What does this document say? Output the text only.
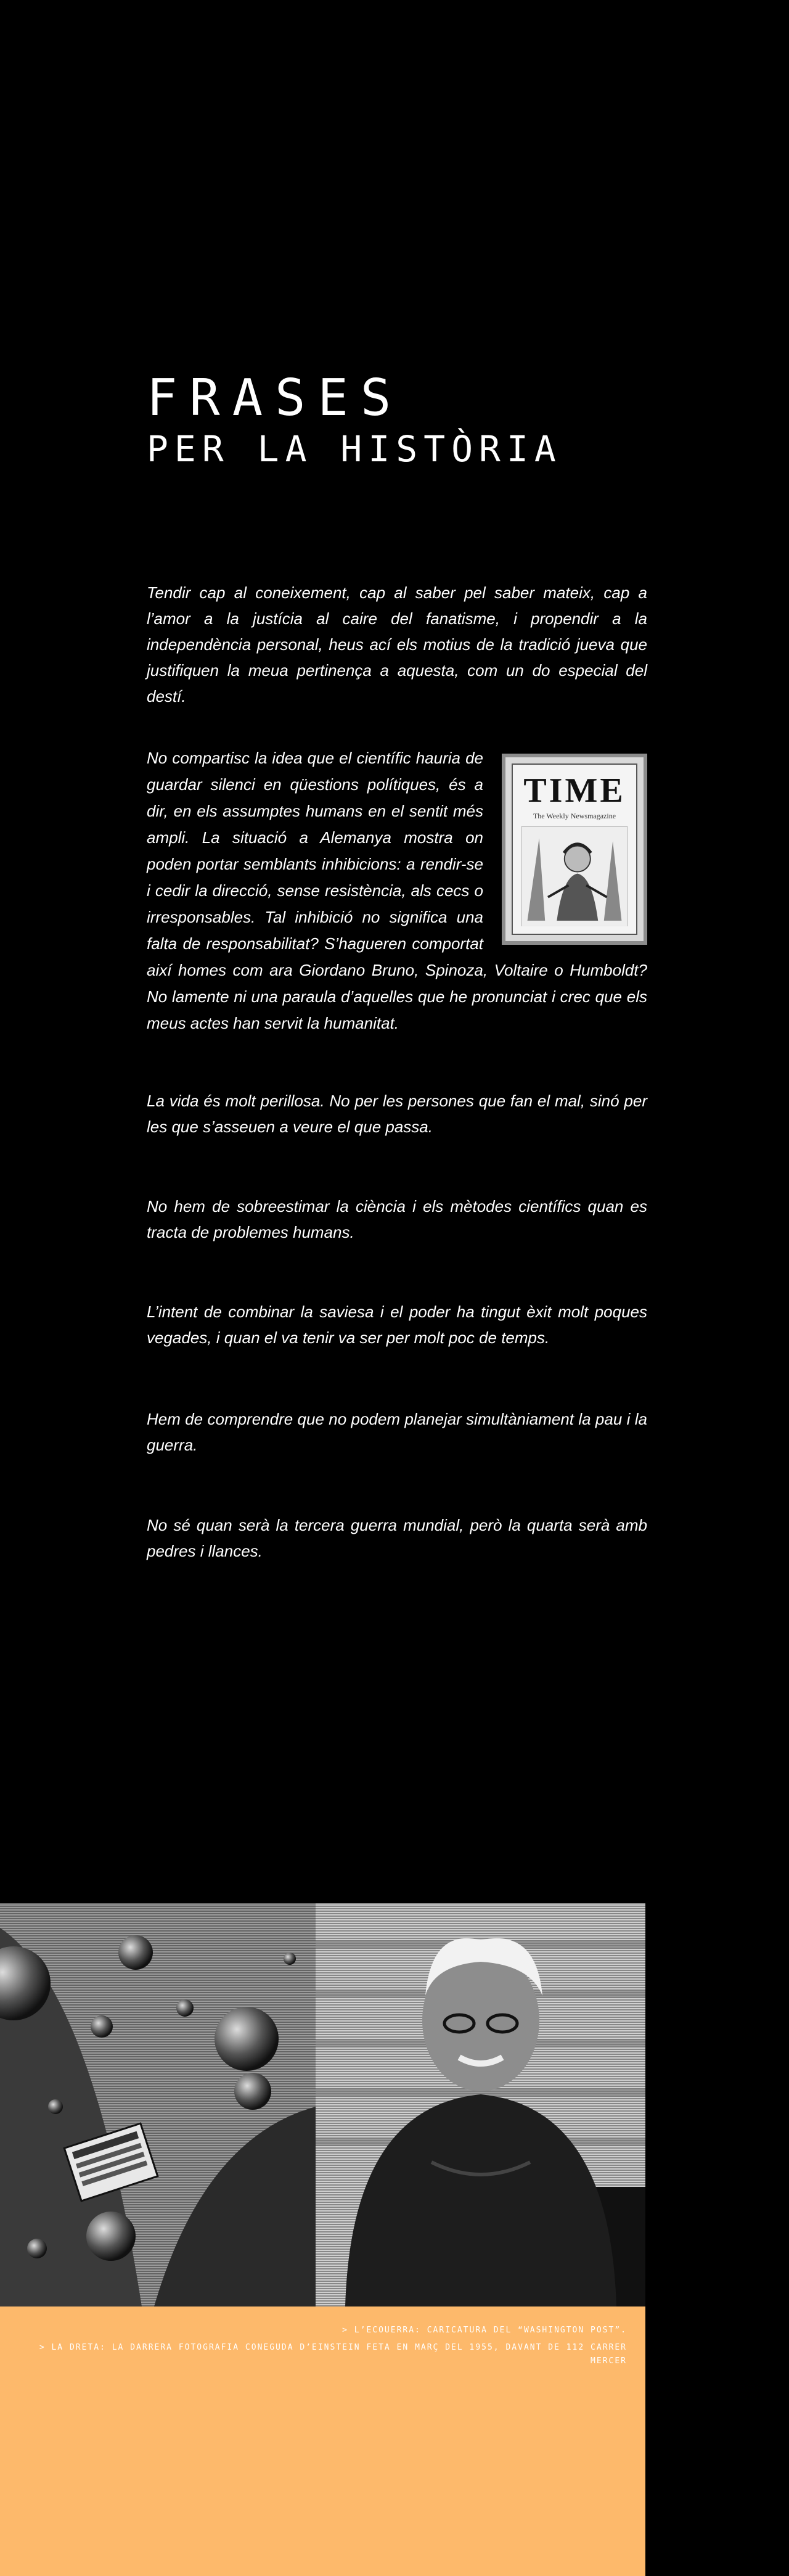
FRASES
PER LA HISTÒRIA

Tendir cap al coneixement, cap al saber pel saber mateix, cap a l’amor a la justícia al caire del fanatisme, i propendir a la independència personal, heus ací els motius de la tradició jueva que justifiquen la meua pertinença a aquesta, com un do especial del destí.

TIME
The Weekly Newsmagazine

No compartisc la idea que el científic hauria de guardar silenci en qüestions polítiques, és a dir, en els assumptes humans en el sentit més ampli. La situació a Alemanya mostra on poden portar semblants inhibicions: a rendir-se i cedir la direcció, sense resistència, als cecs o irresponsables. Tal inhibició no significa una falta de responsabilitat? S’hagueren comportat així homes com ara Giordano Bruno, Spinoza, Voltaire o Humboldt? No lamente ni una paraula d’aquelles que he pronunciat i crec que els meus actes han servit la humanitat.

La vida és molt perillosa. No per les persones que fan el mal, sinó per les que s’asseuen a veure el que passa.

No hem de sobreestimar la ciència i els mètodes científics quan es tracta de problemes humans.

L’intent de combinar la saviesa i el poder ha tingut èxit molt poques vegades, i quan el va tenir va ser per molt poc de temps.

Hem de comprendre que no podem planejar simultàniament la pau i la guerra.

No sé quan serà la tercera guerra mundial, però la quarta serà amb pedres i llances.

> L’ECOUERRA: CARICATURA DEL “WASHINGTON POST”.
> LA DRETA: LA DARRERA FOTOGRAFIA CONEGUDA D’EINSTEIN FETA EN MARÇ DEL 1955, DAVANT DE 112 CARRER MERCER
